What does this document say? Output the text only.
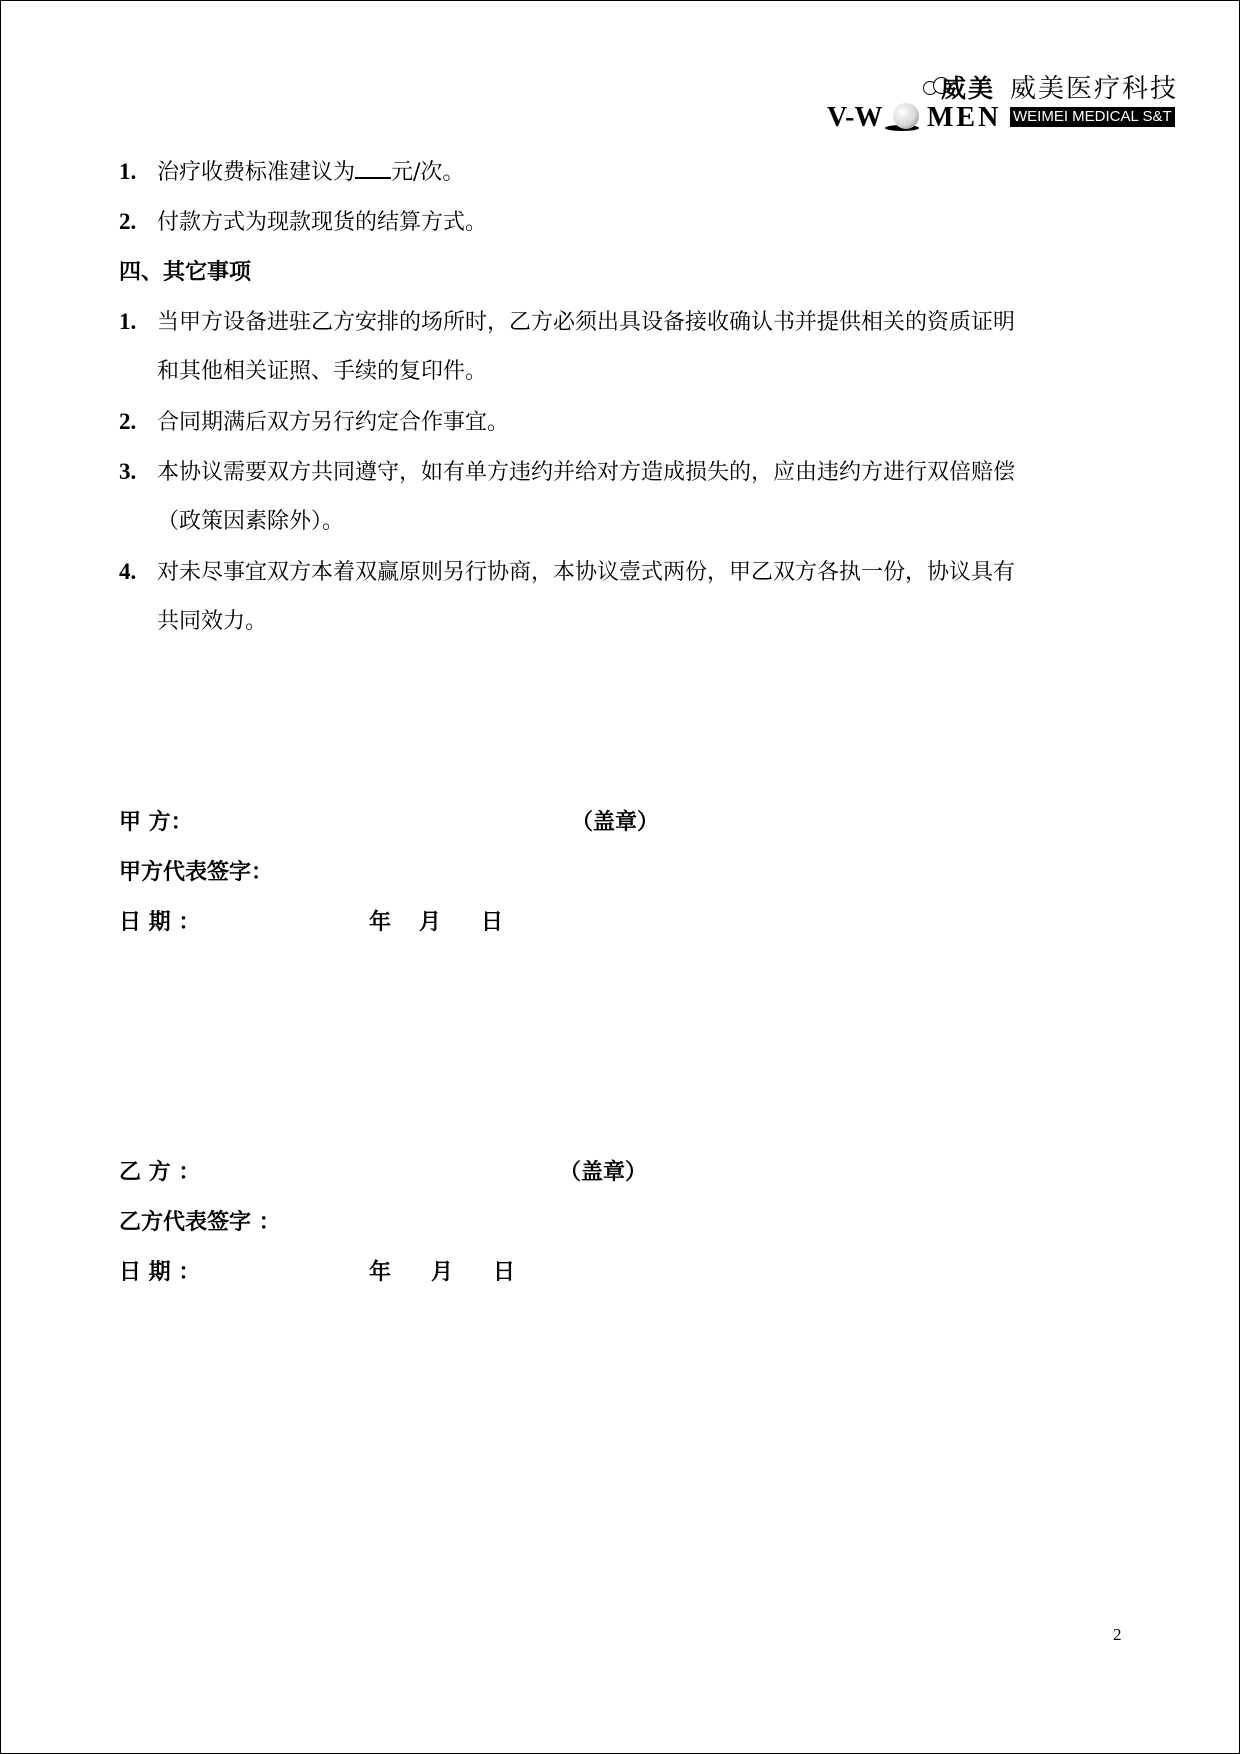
威美 威美医疗科技
V-W MEN WEIMEI MEDICAL S&T
1. 治疗收费标准建议为 元/次。
2. 付款方式为现款现货的结算方式。
四、其它事项
1. 当甲方设备进驻乙方安排的场所时，乙方必须出具设备接收确认书并提供相关的资质证明
和其他相关证照、手续的复印件。
2. 合同期满后双方另行约定合作事宜。
3. 本协议需要双方共同遵守，如有单方违约并给对方造成损失的，应由违约方进行双倍赔偿
（政策因素除外）。
4. 对未尽事宜双方本着双赢原则另行协商，本协议壹式两份，甲乙双方各执一份，协议具有
共同效力。
甲 方：	（盖章）
甲方代表签字：
日 期 ：	年 月 日
乙 方 ：	（盖章）
乙方代表签字 ：
日 期 ：	年 月 日
2
